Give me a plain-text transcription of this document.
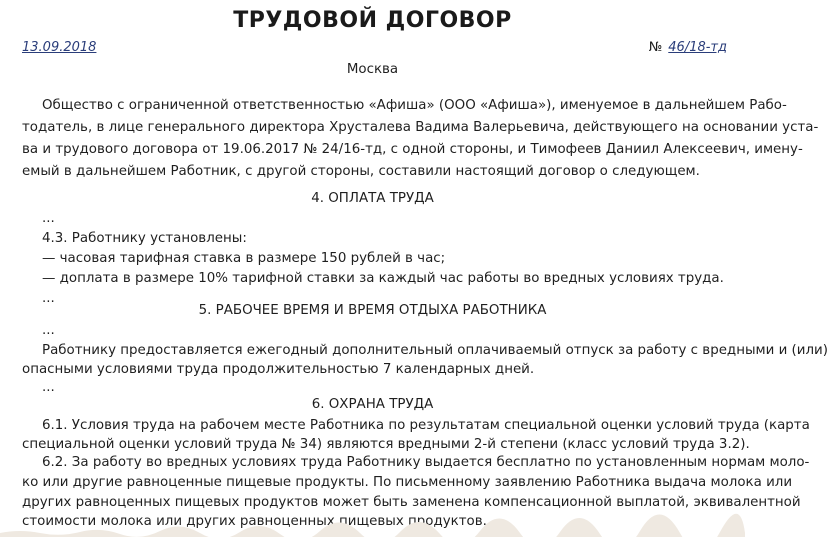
ТРУДОВОЙ ДОГОВОР
13.09.2018	№ 46/18-тд
Москва
Общество с ограниченной ответственностью «Афиша» (ООО «Афиша»), именуемое в дальнейшем Рабо-
тодатель, в лице генерального директора Хрусталева Вадима Валерьевича, действующего на основании уста-
ва и трудового договора от 19.06.2017 № 24/16-тд, с одной стороны, и Тимофеев Даниил Алексеевич, имену-
емый в дальнейшем Работник, с другой стороны, составили настоящий договор о следующем.
4. ОПЛАТА ТРУДА
...
4.3. Работнику установлены:
— часовая тарифная ставка в размере 150 рублей в час;
— доплата в размере 10% тарифной ставки за каждый час работы во вредных условиях труда.
...
5. РАБОЧЕЕ ВРЕМЯ И ВРЕМЯ ОТДЫХА РАБОТНИКА
...
Работнику предоставляется ежегодный дополнительный оплачиваемый отпуск за работу с вредными и (или)
опасными условиями труда продолжительностью 7 календарных дней.
...
6. ОХРАНА ТРУДА
6.1. Условия труда на рабочем месте Работника по результатам специальной оценки условий труда (карта
специальной оценки условий труда № 34) являются вредными 2-й степени (класс условий труда 3.2).
6.2. За работу во вредных условиях труда Работнику выдается бесплатно по установленным нормам моло-
ко или другие равноценные пищевые продукты. По письменному заявлению Работника выдача молока или
других равноценных пищевых продуктов может быть заменена компенсационной выплатой, эквивалентной
стоимости молока или других равноценных пищевых продуктов.
